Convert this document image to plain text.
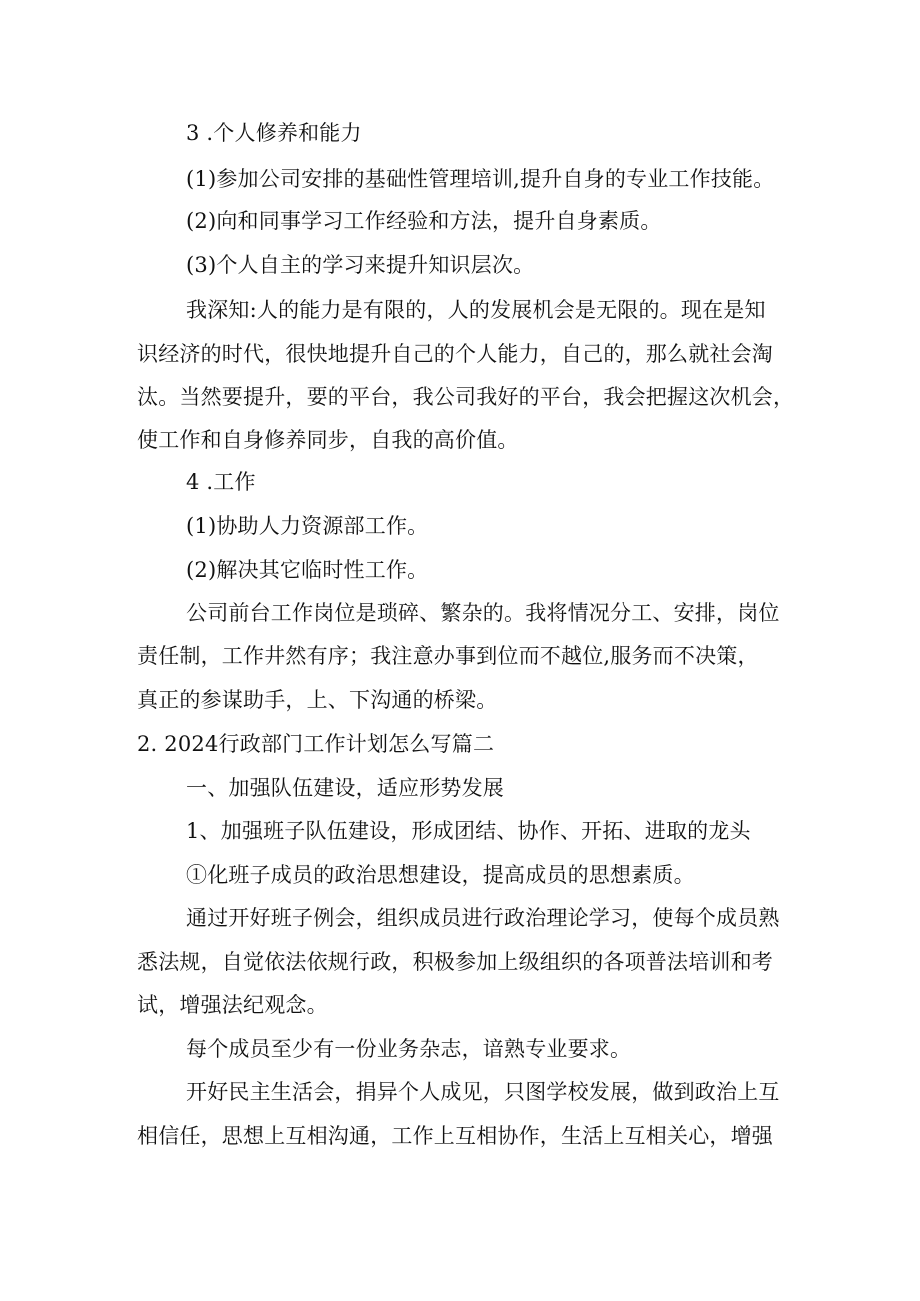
3 .个人修养和能力
(1)参加公司安排的基础性管理培训,提升自身的专业工作技能。
(2)向和同事学习工作经验和方法，提升自身素质。
(3)个人自主的学习来提升知识层次。
我深知:人的能力是有限的，人的发展机会是无限的。现在是知
识经济的时代，很快地提升自己的个人能力，自己的，那么就社会淘
汰。当然要提升，要的平台，我公司我好的平台，我会把握这次机会，
使工作和自身修养同步，自我的高价值。
4 .工作
(1)协助人力资源部工作。
(2)解决其它临时性工作。
公司前台工作岗位是琐碎、繁杂的。我将情况分工、安排，岗位
责任制，工作井然有序；我注意办事到位而不越位,服务而不决策，
真正的参谋助手，上、下沟通的桥梁。
2. 2024行政部门工作计划怎么写篇二
一、加强队伍建设，适应形势发展
1、加强班子队伍建设，形成团结、协作、开拓、进取的龙头
①化班子成员的政治思想建设，提高成员的思想素质。
通过开好班子例会，组织成员进行政治理论学习，使每个成员熟
悉法规，自觉依法依规行政，积极参加上级组织的各项普法培训和考
试，增强法纪观念。
每个成员至少有一份业务杂志，谙熟专业要求。
开好民主生活会，捐异个人成见，只图学校发展，做到政治上互
相信任，思想上互相沟通，工作上互相协作，生活上互相关心，增强
